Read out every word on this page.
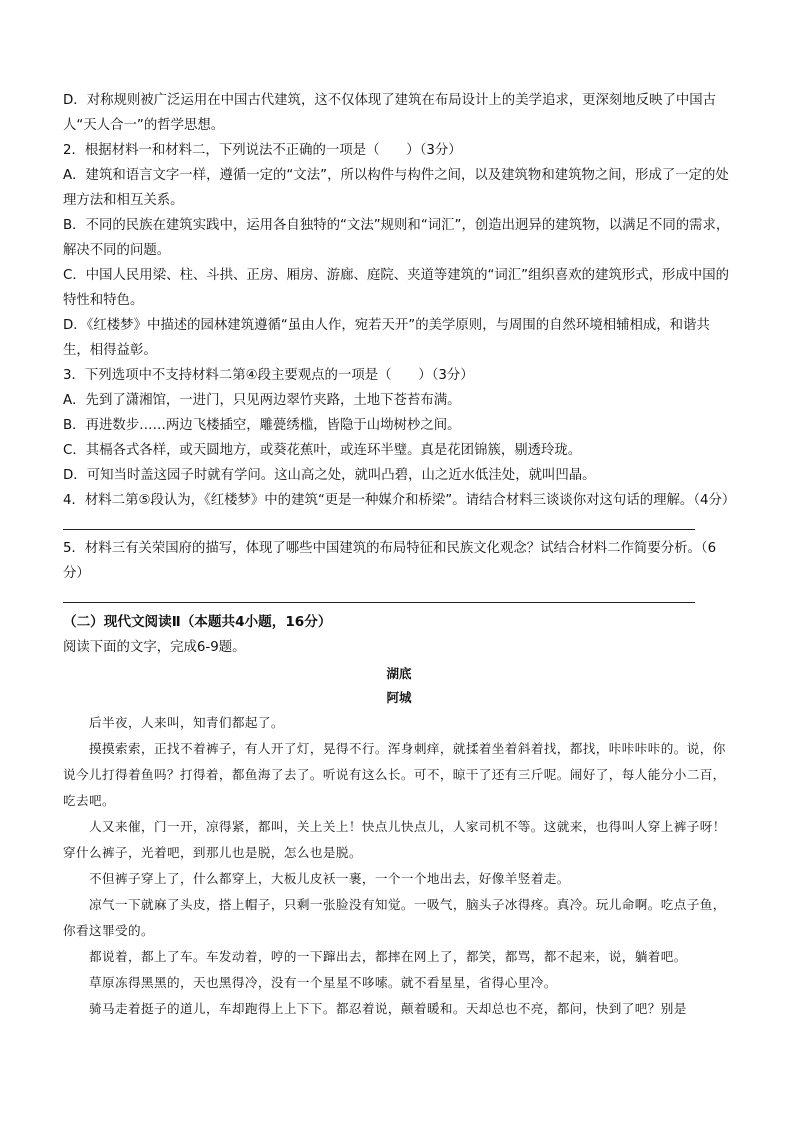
D．对称规则被广泛运用在中国古代建筑，这不仅体现了建筑在布局设计上的美学追求，更深刻地反映了中国古人“天人合一”的哲学思想。

2．根据材料一和材料二，下列说法不正确的一项是（　　）（3分）

A．建筑和语言文字一样，遵循一定的“文法”，所以构件与构件之间，以及建筑物和建筑物之间，形成了一定的处理方法和相互关系。

B．不同的民族在建筑实践中，运用各自独特的“文法”规则和“词汇”，创造出迥异的建筑物，以满足不同的需求，解决不同的问题。

C．中国人民用梁、柱、斗拱、正房、厢房、游廊、庭院、夹道等建筑的“词汇”组织喜欢的建筑形式，形成中国的特性和特色。

D．《红楼梦》中描述的园林建筑遵循“虽由人作，宛若天开”的美学原则，与周围的自然环境相辅相成，和谐共生，相得益彰。

3．下列选项中不支持材料二第④段主要观点的一项是（　　）（3分）

A．先到了潇湘馆，一进门，只见两边翠竹夹路，土地下苍苔布满。

B．再进数步……两边飞楼插空，雕甍绣槛，皆隐于山坳树杪之间。

C．其槅各式各样，或天圆地方，或葵花蕉叶，或连环半璧。真是花团锦簇，剔透玲珑。

D．可知当时盖这园子时就有学问。这山高之处，就叫凸碧，山之近水低洼处，就叫凹晶。

4．材料二第⑤段认为，《红楼梦》中的建筑“更是一种媒介和桥梁”。请结合材料三谈谈你对这句话的理解。（4分）

5．材料三有关荣国府的描写，体现了哪些中国建筑的布局特征和民族文化观念？试结合材料二作简要分析。（6分）

（二）现代文阅读Ⅱ（本题共4小题，16分）

阅读下面的文字，完成6-9题。

湖底

阿城

后半夜，人来叫，知青们都起了。

摸摸索索，正找不着裤子，有人开了灯，晃得不行。浑身刺痒，就揉着坐着斜着找，都找，咔咔咔咔的。说，你说今儿打得着鱼吗？打得着，都鱼海了去了。听说有这么长。可不，晾干了还有三斤呢。闹好了，每人能分小二百，吃去吧。

人又来催，门一开，凉得紧，都叫，关上关上！快点儿快点儿，人家司机不等。这就来，也得叫人穿上裤子呀！穿什么裤子，光着吧，到那儿也是脱，怎么也是脱。

不但裤子穿上了，什么都穿上，大板儿皮袄一裹，一个一个地出去，好像羊竖着走。

凉气一下就麻了头皮，搭上帽子，只剩一张脸没有知觉。一吸气，脑头子冰得疼。真冷。玩儿命啊。吃点子鱼，你看这罪受的。

都说着，都上了车。车发动着，哼的一下蹿出去，都摔在网上了，都笑，都骂，都不起来，说，躺着吧。

草原冻得黑黑的，天也黑得冷，没有一个星星不哆嗦。就不看星星，省得心里冷。

骑马走着挺子的道儿，车却跑得上上下下。都忍着说，颠着暖和。天却总也不亮，都问，快到了吧？别是
